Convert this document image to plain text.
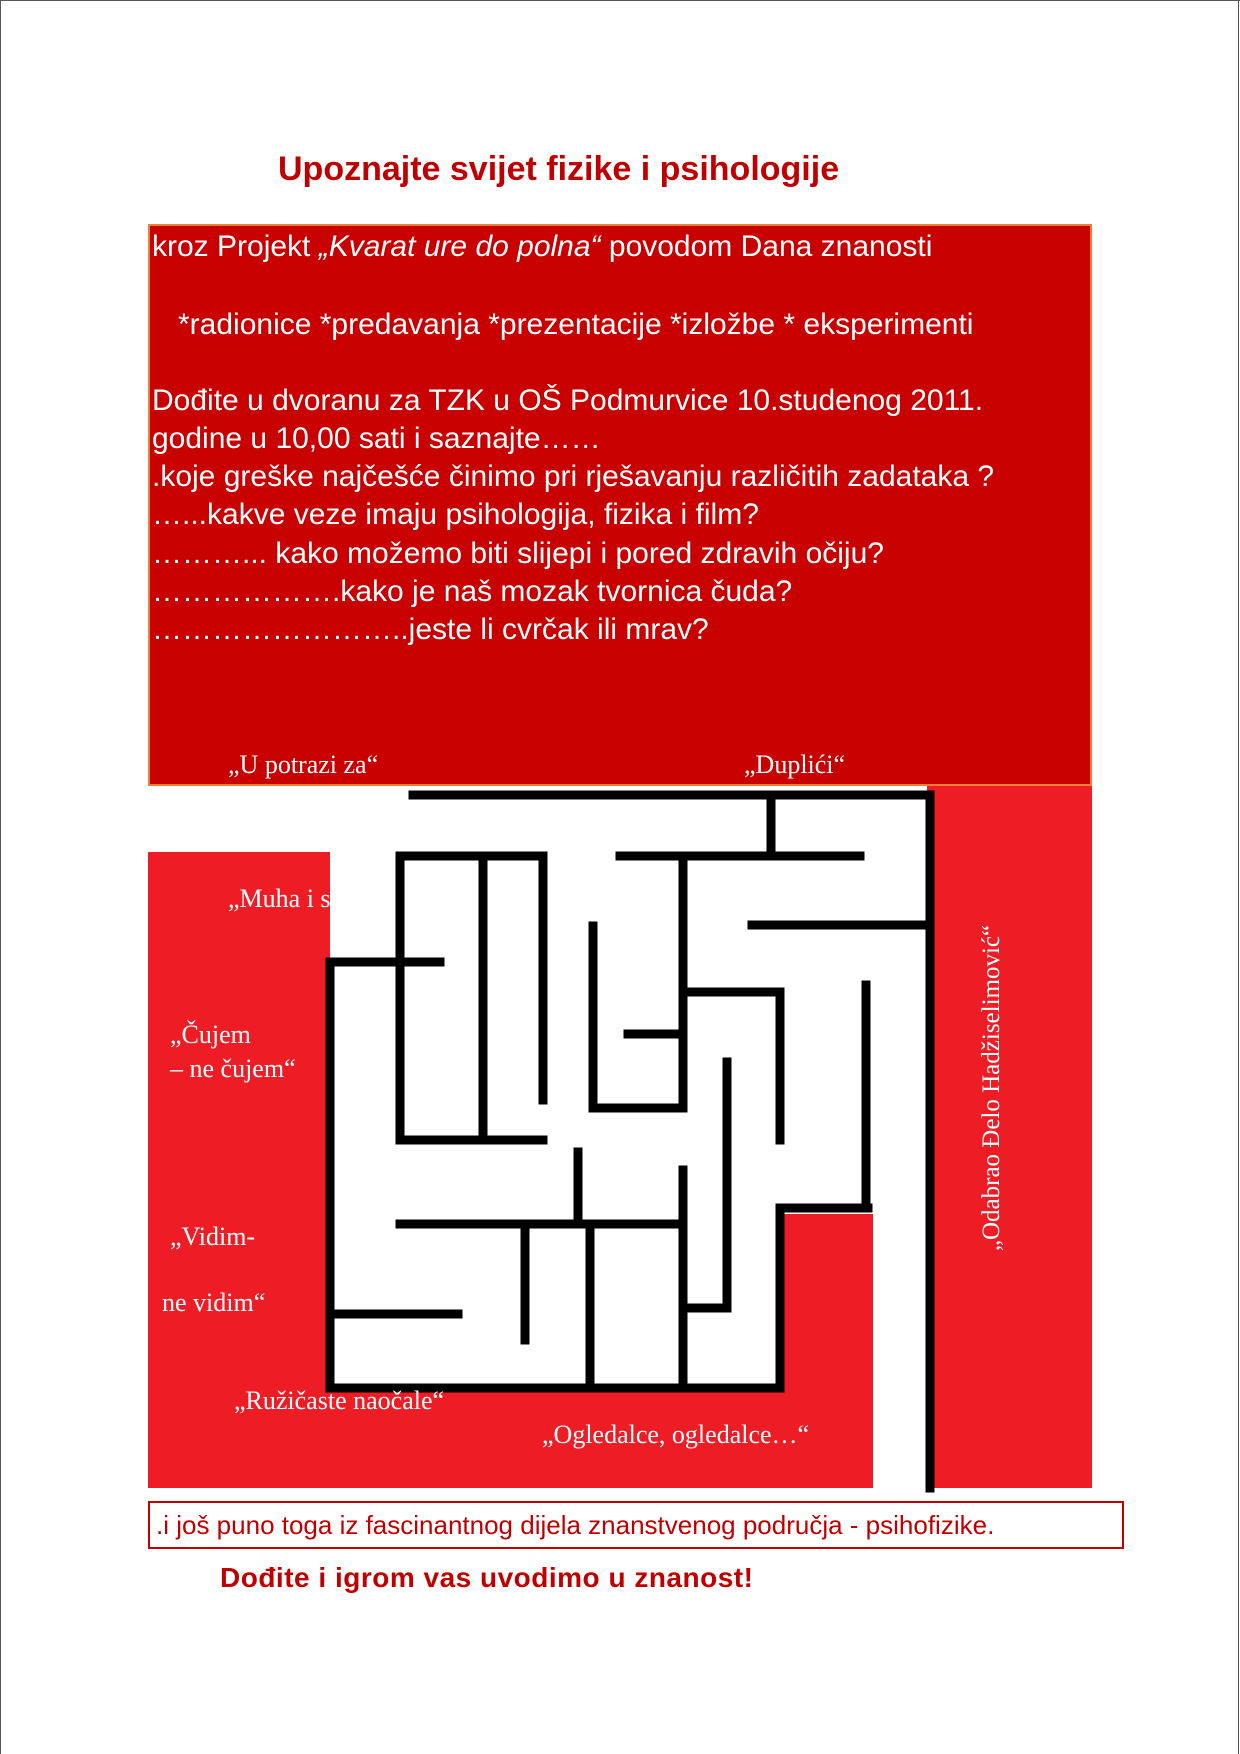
Upoznajte svijet fizike i psihologije
kroz Projekt „Kvarat ure do polna“ povodom Dana znanosti
*radionice *predavanja *prezentacije *izložbe * eksperimenti
Dođite u dvoranu za TZK u OŠ Podmurvice 10.studenog 2011.
godine u 10,00 sati i saznajte……
.koje greške najčešće činimo pri rješavanju različitih zadataka ?
…...kakve veze imaju psihologija, fizika i film?
………... kako možemo biti slijepi i pored zdravih očiju?
……………….kako je naš mozak tvornica čuda?
……………………..jeste li cvrčak ili mrav?
„U potrazi za“	„Duplići“
„Muha i slon“
„Čujem
– ne čujem“
„Vidim-
ne vidim“
„Ružičaste naočale“
„Ogledalce, ogledalce…“
„Odabrao Đelo Hadžiselimović“
.i još puno toga iz fascinantnog dijela znanstvenog područja - psihofizike.
Dođite i igrom vas uvodimo u znanost!
